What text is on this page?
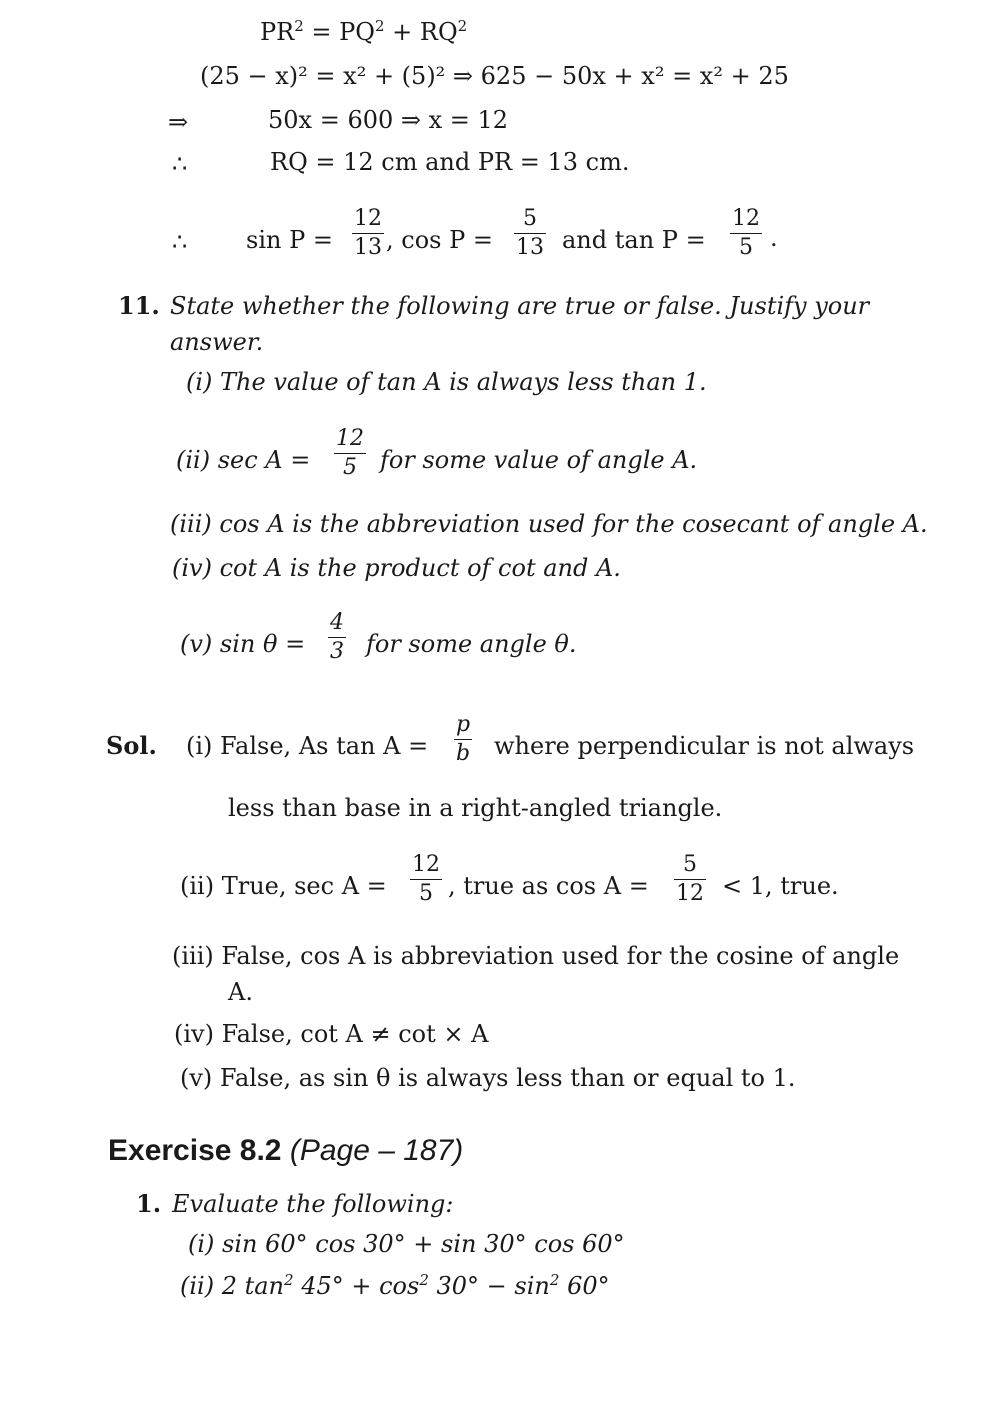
$PR^2 = PQ^2 + RQ^2$
(25 − x)² = x² + (5)² ⇒ 625 − 50x + x² = x² + 25
⇒	50x = 600 ⇒ x = 12
∴	RQ = 12 cm and PR = 13 cm.
∴ sin P =
12
13 , cos P =
5
13 and tan P =
12
5 .
11. State whether the following are true or false. Justify your
answer.
(i) The value of tan A is always less than 1.
(ii) sec A =
12
5 for some value of angle A.
(iii) cos A is the abbreviation used for the cosecant of angle A.
(iv) cot A is the product of cot and A.
(v) sin θ =
4
3 for some angle θ.
Sol. (i) False, As tan A =
p
b where perpendicular is not always
less than base in a right-angled triangle.
(ii) True, sec A =
12
5 , true as cos A =
5
12 < 1, true.
(iii) False, cos A is abbreviation used for the cosine of angle
A.
(iv) False, cot A ≠ cot × A
(v) False, as sin θ is always less than or equal to 1.
Exercise 8.2 (Page – 187)
1. Evaluate the following:
(i) sin 60° cos 30° + sin 30° cos 60°
(ii) 2 $\tan^2 45^\circ + \cos^2 30^\circ - \sin^2 60^\circ$
